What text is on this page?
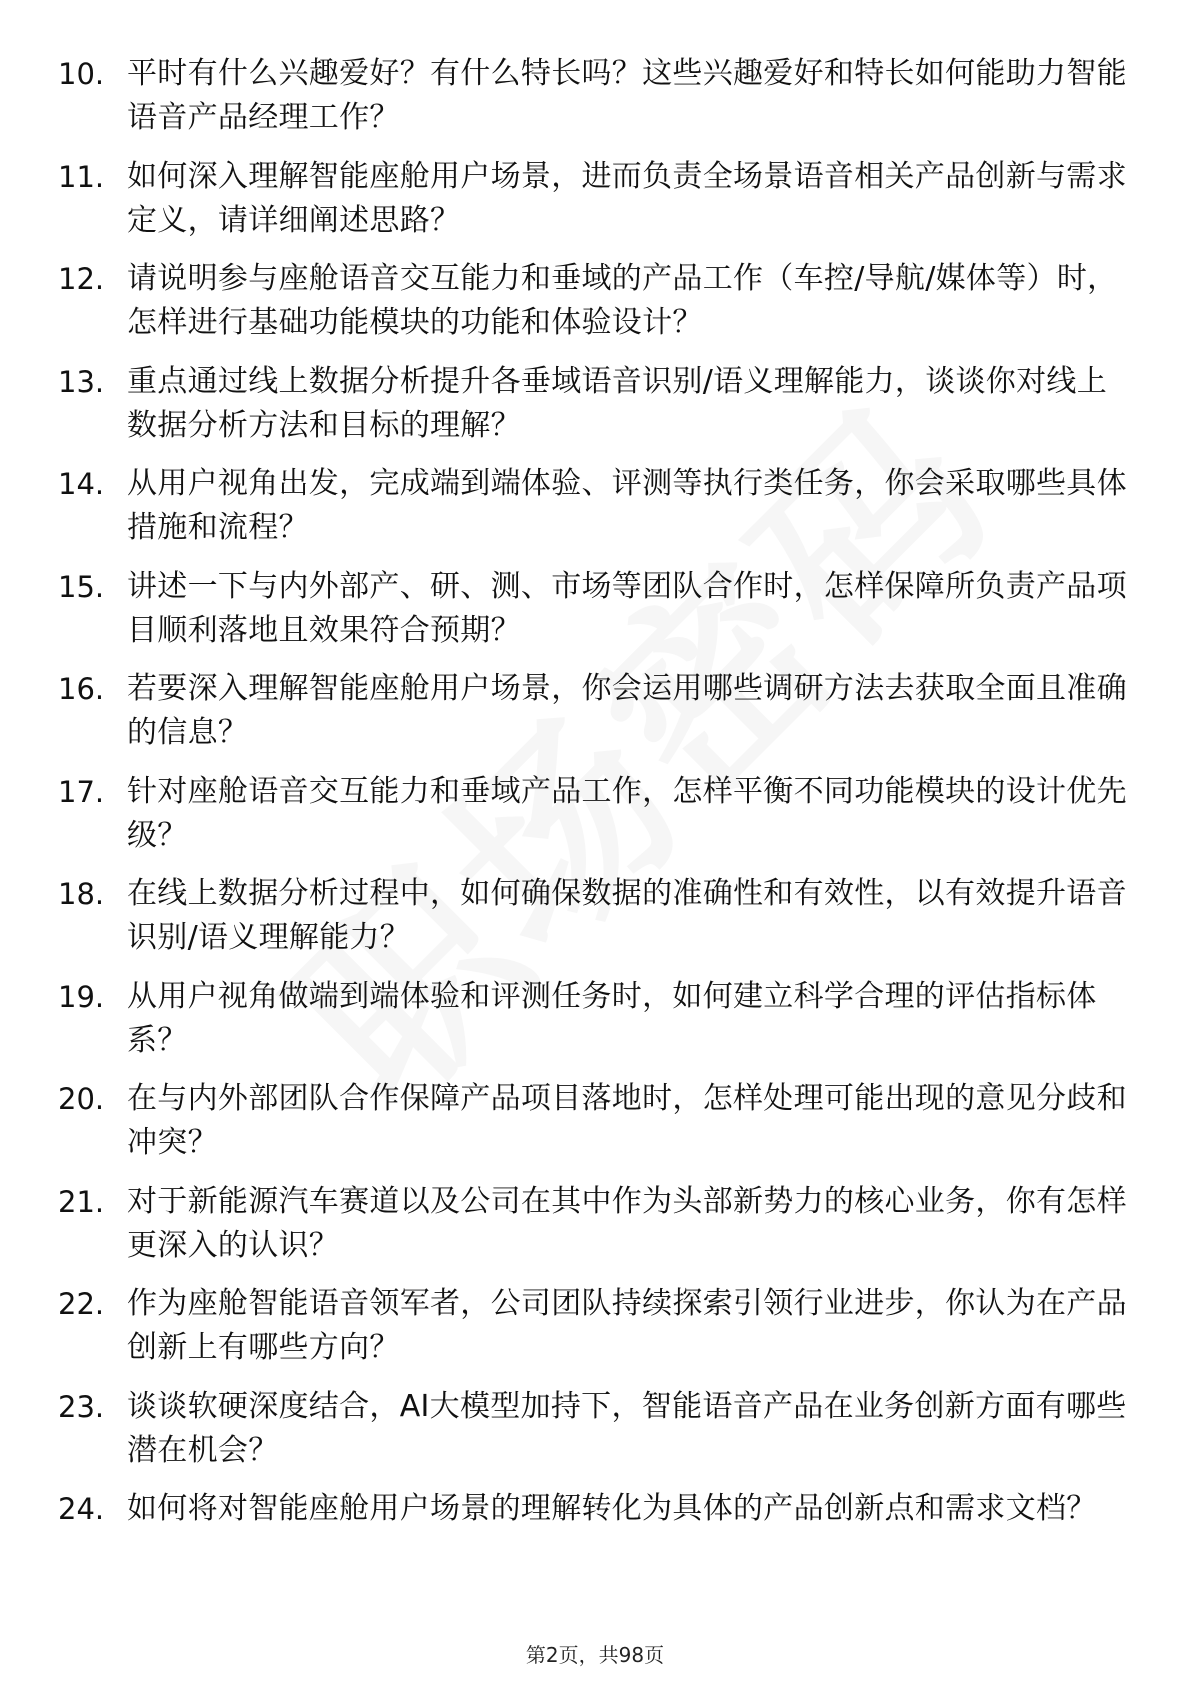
10. 平时有什么兴趣爱好？有什么特长吗？这些兴趣爱好和特长如何能助力智能语音产品经理工作？
11. 如何深入理解智能座舱用户场景，进而负责全场景语音相关产品创新与需求定义，请详细阐述思路？
12. 请说明参与座舱语音交互能力和垂域的产品工作（车控/导航/媒体等）时，怎样进行基础功能模块的功能和体验设计？
13. 重点通过线上数据分析提升各垂域语音识别/语义理解能力，谈谈你对线上数据分析方法和目标的理解？
14. 从用户视角出发，完成端到端体验、评测等执行类任务，你会采取哪些具体措施和流程？
15. 讲述一下与内外部产、研、测、市场等团队合作时，怎样保障所负责产品项目顺利落地且效果符合预期？
16. 若要深入理解智能座舱用户场景，你会运用哪些调研方法去获取全面且准确的信息？
17. 针对座舱语音交互能力和垂域产品工作，怎样平衡不同功能模块的设计优先级？
18. 在线上数据分析过程中，如何确保数据的准确性和有效性，以有效提升语音识别/语义理解能力？
19. 从用户视角做端到端体验和评测任务时，如何建立科学合理的评估指标体系？
20. 在与内外部团队合作保障产品项目落地时，怎样处理可能出现的意见分歧和冲突？
21. 对于新能源汽车赛道以及公司在其中作为头部新势力的核心业务，你有怎样更深入的认识？
22. 作为座舱智能语音领军者，公司团队持续探索引领行业进步，你认为在产品创新上有哪些方向？
23. 谈谈软硬深度结合，AI大模型加持下，智能语音产品在业务创新方面有哪些潜在机会？
24. 如何将对智能座舱用户场景的理解转化为具体的产品创新点和需求文档？
第2页，共98页
